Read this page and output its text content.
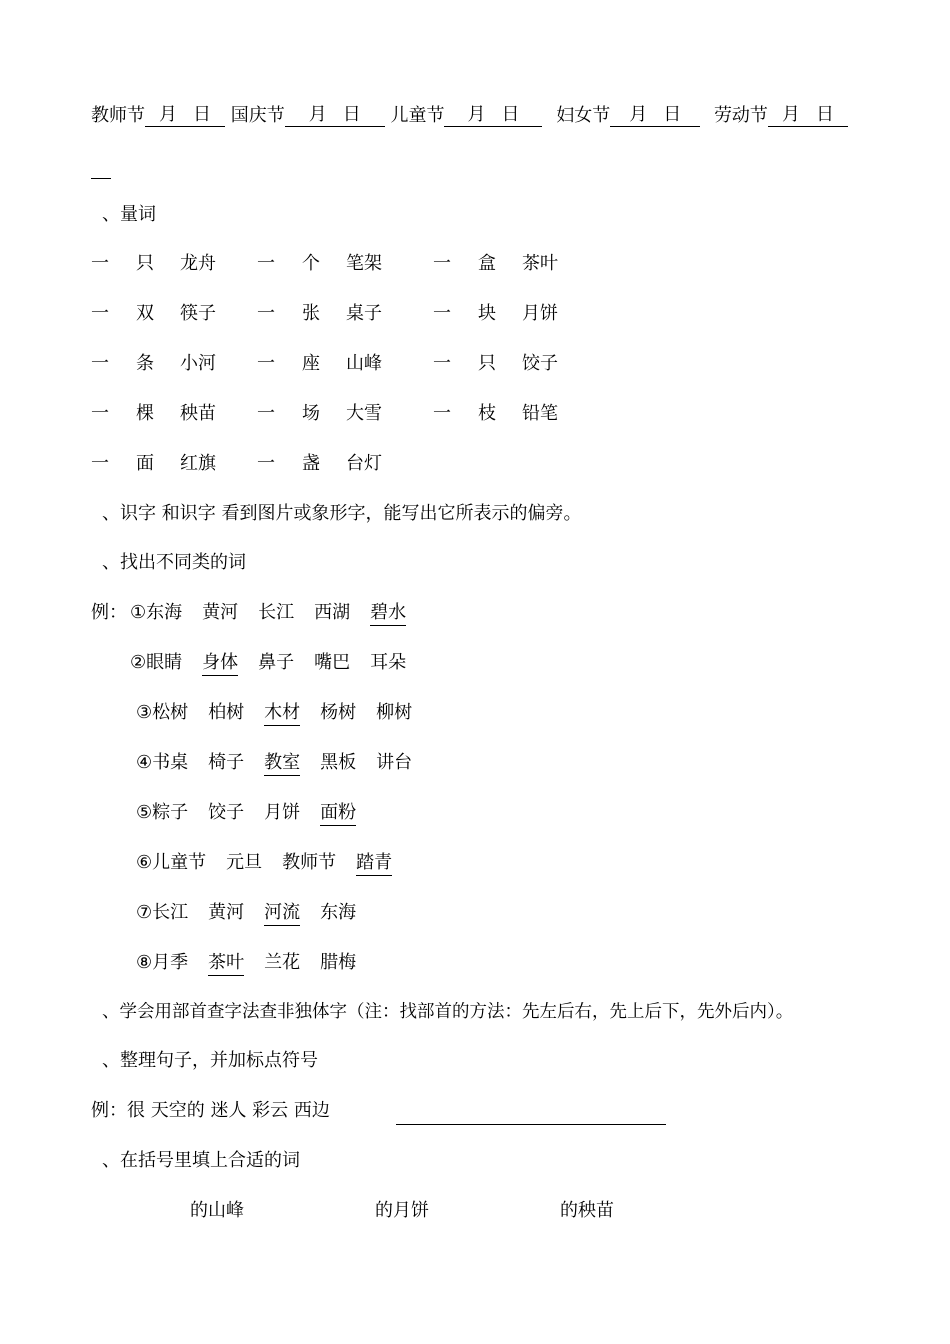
教师节 月 日 国庆节 月 日 儿童节 月 日 妇女节 月 日 劳动节 月 日
、量词
一 只 龙舟 一 个 笔架	一 盒 茶叶
一 双 筷子 一 张 桌子	一 块 月饼
一 条 小河 一 座 山峰	一 只 饺子
一 棵 秧苗 一 场 大雪	一 枝 铅笔
一 面 红旗 一 盏 台灯
、识字 和识字 看到图片或象形字，能写出它所表示的偏旁。
、找出不同类的词
例： ①东海 黄河 长江 西湖 碧水
②眼睛 身体 鼻子 嘴巴 耳朵
③松树 柏树 木材 杨树 柳树
④书桌 椅子 教室 黑板 讲台
⑤粽子 饺子 月饼 面粉
⑥儿童节 元旦 教师节 踏青
⑦长江 黄河 河流 东海
⑧月季 茶叶 兰花 腊梅
、学会用部首查字法查非独体字（注：找部首的方法：先左后右，先上后下，先外后内）。
、整理句子，并加标点符号
例：很 天空的 迷人 彩云 西边
、在括号里填上合适的词
的山峰	的月饼	的秧苗
